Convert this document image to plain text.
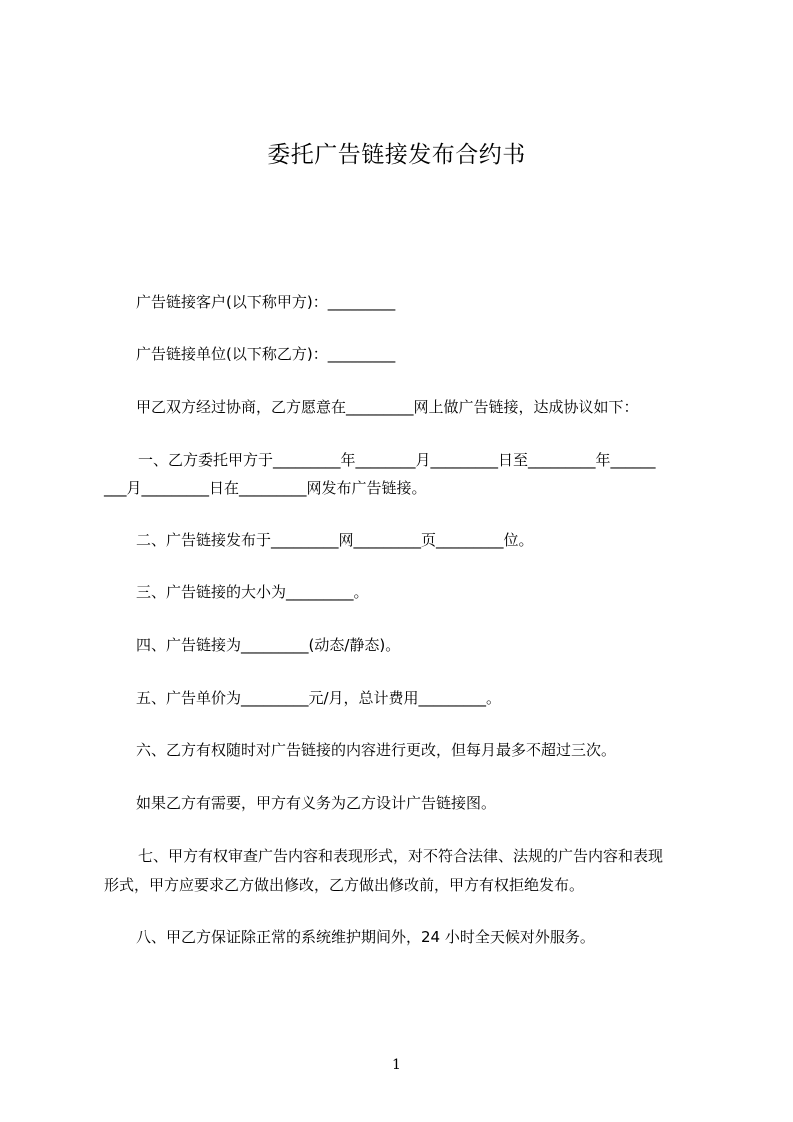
委托广告链接发布合约书
广告链接客户(以下称甲方)：_________
广告链接单位(以下称乙方)：_________
甲乙双方经过协商，乙方愿意在_________网上做广告链接，达成协议如下：
一、乙方委托甲方于_________年________月_________日至_________年______
___月_________日在_________网发布广告链接。
二、广告链接发布于_________网_________页_________位。
三、广告链接的大小为_________。
四、广告链接为_________(动态/静态)。
五、广告单价为_________元/月，总计费用_________。
六、乙方有权随时对广告链接的内容进行更改，但每月最多不超过三次。
如果乙方有需要，甲方有义务为乙方设计广告链接图。
七、甲方有权审查广告内容和表现形式，对不符合法律、法规的广告内容和表现
形式，甲方应要求乙方做出修改，乙方做出修改前，甲方有权拒绝发布。
八、甲乙方保证除正常的系统维护期间外，24 小时全天候对外服务。
1
